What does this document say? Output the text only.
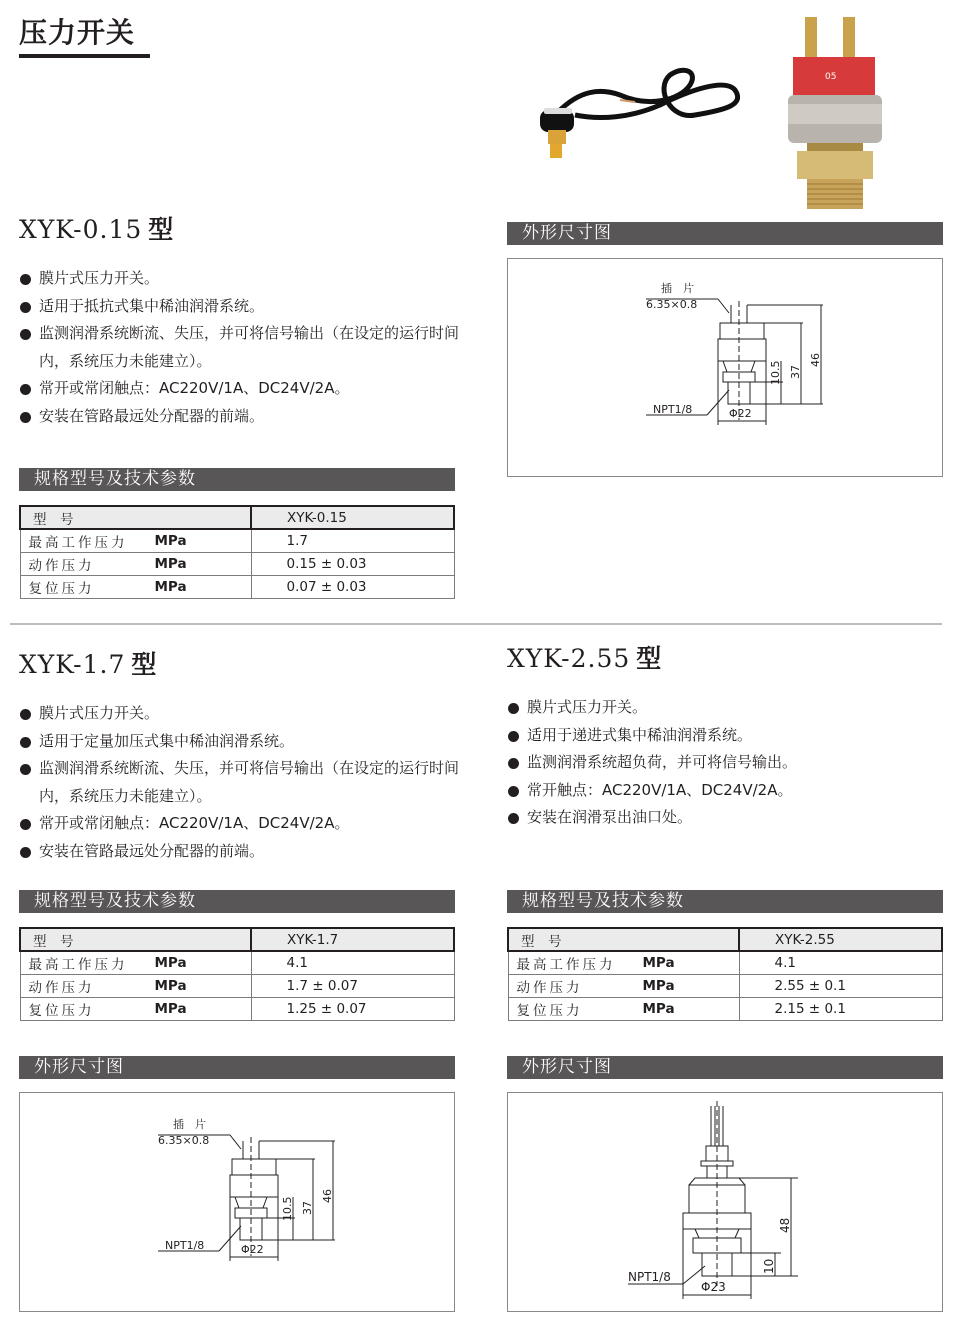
压力开关
05
XYK-0.15 型
膜片式压力开关。
适用于抵抗式集中稀油润滑系统。
监测润滑系统断流、失压，并可将信号输出（在设定的运行时间内，系统压力未能建立）。
常开或常闭触点：AC220V/1A、DC24V/2A。
安装在管路最远处分配器的前端。
规格型号及技术参数
型　号		XYK-0.15
最高工作压力	MPa	1.7
动作压力	MPa	0.15 ± 0.03
复位压力	MPa	0.07 ± 0.03
外形尺寸图
插　片
6.35×0.8
NPT1/8	Φ22
10.5 37
46
XYK-1.7 型
膜片式压力开关。
适用于定量加压式集中稀油润滑系统。
监测润滑系统断流、失压，并可将信号输出（在设定的运行时间内，系统压力未能建立）。
常开或常闭触点：AC220V/1A、DC24V/2A。
安装在管路最远处分配器的前端。
规格型号及技术参数
型　号		XYK-1.7
最高工作压力	MPa	4.1
动作压力	MPa	1.7 ± 0.07
复位压力	MPa	1.25 ± 0.07
外形尺寸图
插　片
6.35×0.8
NPT1/8	Φ22
10.5 37
46
XYK-2.55 型
膜片式压力开关。
适用于递进式集中稀油润滑系统。
监测润滑系统超负荷，并可将信号输出。
常开触点：AC220V/1A、DC24V/2A。
安装在润滑泵出油口处。
规格型号及技术参数
型　号		XYK-2.55
最高工作压力	MPa	4.1
动作压力	MPa	2.55 ± 0.1
复位压力	MPa	2.15 ± 0.1
外形尺寸图
NPT1/8
Φ23
10
48
